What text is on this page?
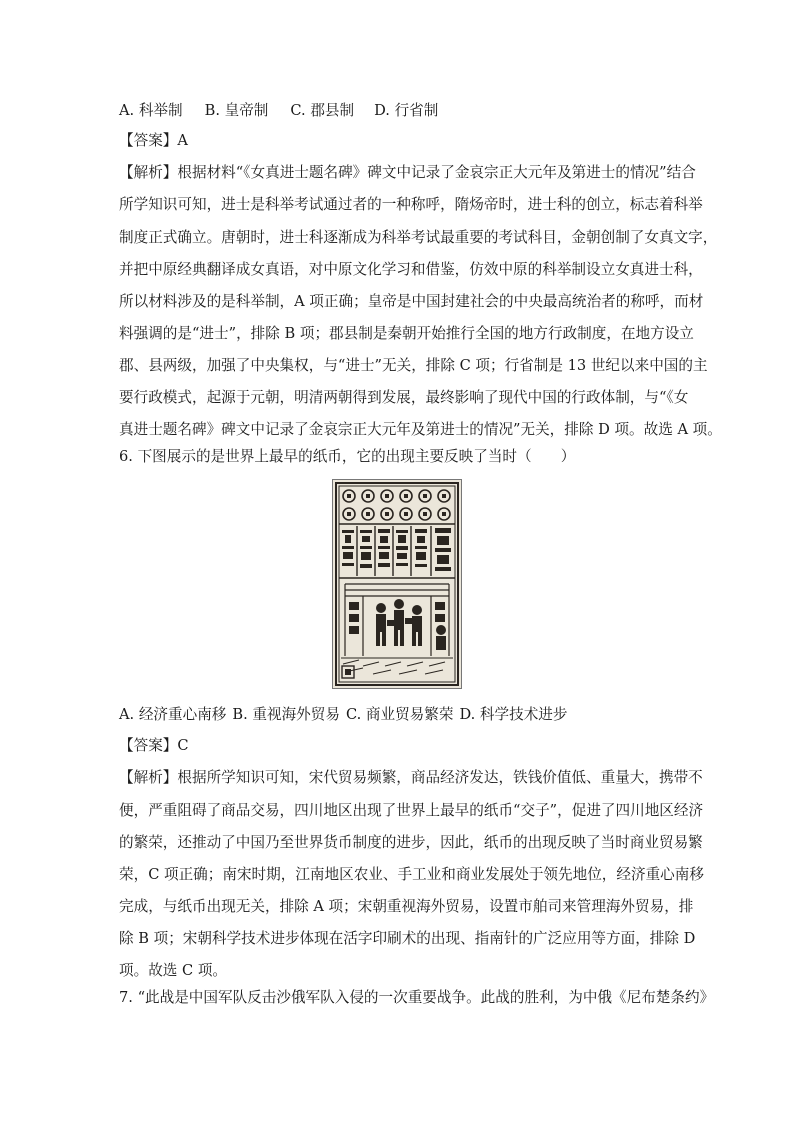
A. 科举制 B. 皇帝制 C. 郡县制 D. 行省制
【答案】A
【解析】根据材料“《女真进士题名碑》碑文中记录了金哀宗正大元年及第进士的情况”结合
所学知识可知，进士是科举考试通过者的一种称呼，隋炀帝时，进士科的创立，标志着科举
制度正式确立。唐朝时，进士科逐渐成为科举考试最重要的考试科目，金朝创制了女真文字，
并把中原经典翻译成女真语，对中原文化学习和借鉴，仿效中原的科举制设立女真进士科，
所以材料涉及的是科举制，A 项正确；皇帝是中国封建社会的中央最高统治者的称呼，而材
料强调的是“进士”，排除 B 项；郡县制是秦朝开始推行全国的地方行政制度，在地方设立
郡、县两级，加强了中央集权，与“进士”无关，排除 C 项；行省制是 13 世纪以来中国的主
要行政模式，起源于元朝，明清两朝得到发展，最终影响了现代中国的行政体制，与“《女
真进士题名碑》碑文中记录了金哀宗正大元年及第进士的情况”无关，排除 D 项。故选 A 项。
6. 下图展示的是世界上最早的纸币，它的出现主要反映了当时（　　）
A. 经济重心南移 B. 重视海外贸易 C. 商业贸易繁荣 D. 科学技术进步
【答案】C
【解析】根据所学知识可知，宋代贸易频繁，商品经济发达，铁钱价值低、重量大，携带不
便，严重阻碍了商品交易，四川地区出现了世界上最早的纸币“交子”，促进了四川地区经济
的繁荣，还推动了中国乃至世界货币制度的进步，因此，纸币的出现反映了当时商业贸易繁
荣，C 项正确；南宋时期，江南地区农业、手工业和商业发展处于领先地位，经济重心南移
完成，与纸币出现无关，排除 A 项；宋朝重视海外贸易，设置市舶司来管理海外贸易，排
除 B 项；宋朝科学技术进步体现在活字印刷术的出现、指南针的广泛应用等方面，排除 D
项。故选 C 项。
7. “此战是中国军队反击沙俄军队入侵的一次重要战争。此战的胜利，为中俄《尼布楚条约》
